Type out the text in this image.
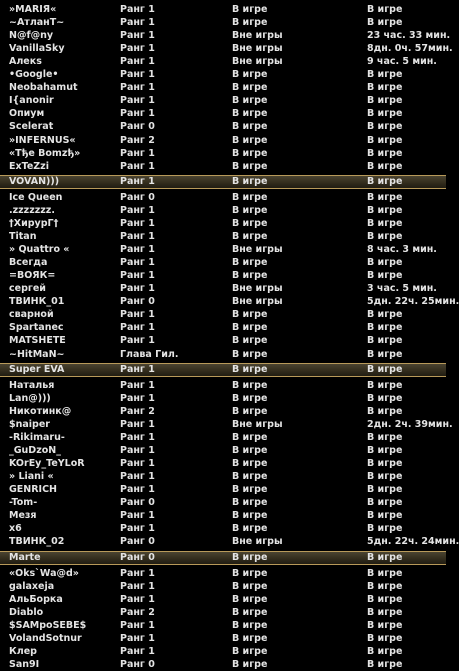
»MARIЯ«	Ранг 1	В игре	В игре
~АтланТ~	Ранг 1	В игре	В игре
N@f@ny	Ранг 1	Вне игры	23 час. 33 мин.
VanillaSky	Ранг 1	Вне игры	8дн. 0ч. 57мин.
Алекs	Ранг 1	Вне игры	9 час. 5 мин.
•Google•	Ранг 1	В игре	В игре
Neobahamut	Ранг 1	В игре	В игре
I{anonir	Ранг 1	В игре	В игре
Опиум	Ранг 1	В игре	В игре
Scelerat	Ранг 0	В игре	В игре
»INFERNUS«	Ранг 2	В игре	В игре
«Tђe Bomzђ»	Ранг 1	В игре	В игре
ExTeZzi	Ранг 1	В игре	В игре
VOVAN)))	Ранг 1	В игре	В игре
Ice Queen	Ранг 0	В игре	В игре
.zzzzzzz.	Ранг 1	В игре	В игре
†ХирурГ†	Ранг 1	В игре	В игре
Titan	Ранг 1	В игре	В игре
» Quattro «	Ранг 1	Вне игры	8 час. 3 мин.
Всегда	Ранг 1	В игре	В игре
=ВОЯК=	Ранг 1	В игре	В игре
сергей	Ранг 1	Вне игры	3 час. 5 мин.
ТВИНК_01	Ранг 0	Вне игры	5дн. 22ч. 25мин.
сварной	Ранг 1	В игре	В игре
Spartanec	Ранг 1	В игре	В игре
MATSHETE	Ранг 1	В игре	В игре
~HitMaN~	Глава Гил.	В игре	В игре
Super EVA	Ранг 1	В игре	В игре
Наталья	Ранг 1	В игре	В игре
Lan@)))	Ранг 1	В игре	В игре
Никотинк@	Ранг 2	В игре	В игре
$naiper	Ранг 1	Вне игры	2дн. 2ч. 39мин.
-Rikimaru-	Ранг 1	В игре	В игре
_GuDzoN_	Ранг 1	В игре	В игре
KOrEy_TeYLoR	Ранг 1	В игре	В игре
» Liani «	Ранг 1	В игре	В игре
GENRICH	Ранг 1	В игре	В игре
-Tom-	Ранг 0	В игре	В игре
Мезя	Ранг 1	В игре	В игре
x6	Ранг 1	В игре	В игре
ТВИНК_02	Ранг 0	Вне игры	5дн. 22ч. 24мин.
Marte	Ранг 0	В игре	В игре
«Oks`Wa@d»	Ранг 1	В игре	В игре
galaxeja	Ранг 1	В игре	В игре
АльБорка	Ранг 1	В игре	В игре
Diablo	Ранг 2	В игре	В игре
$SAMpoSEBE$	Ранг 1	В игре	В игре
VolandSotnur	Ранг 1	В игре	В игре
Клер	Ранг 1	В игре	В игре
San9I	Ранг 0	В игре	В игре
